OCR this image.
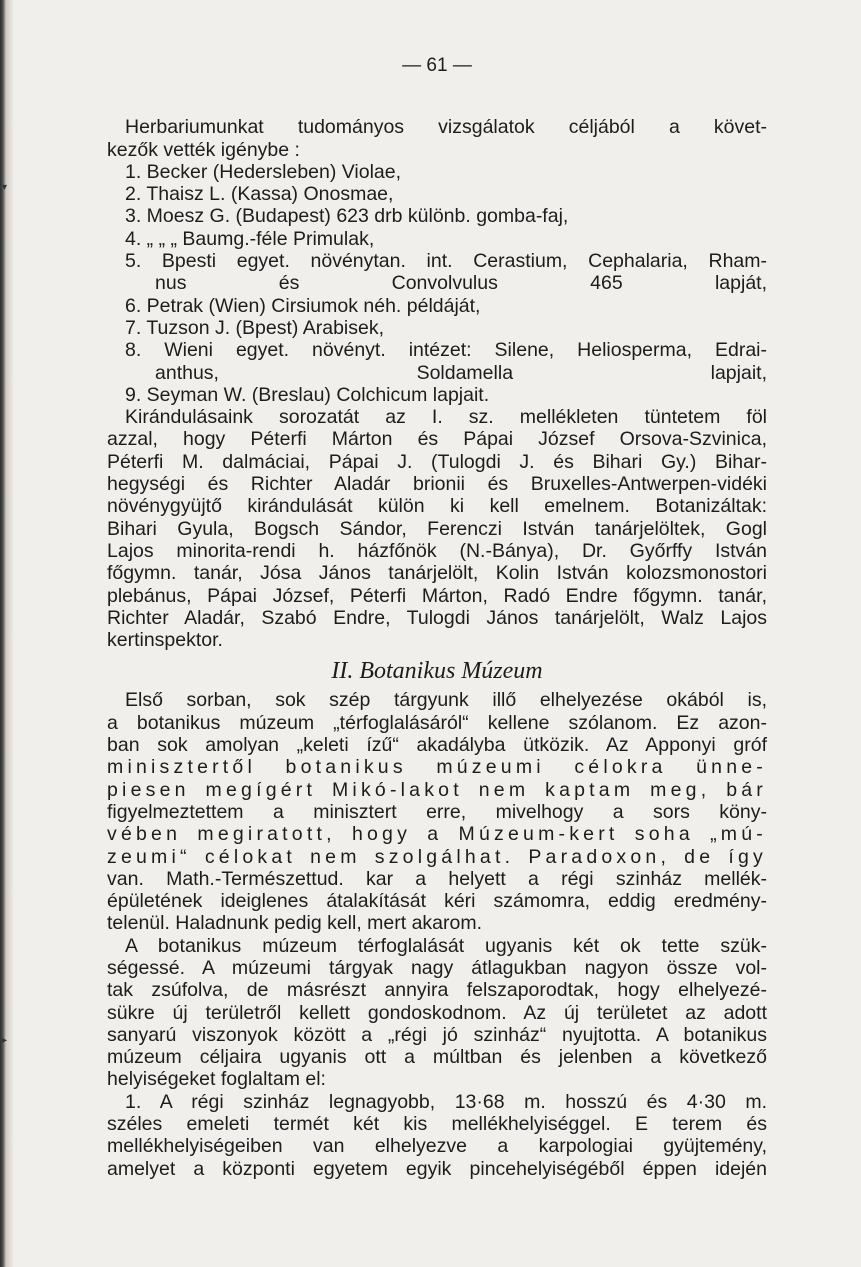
▾
▸
— 61 —
Herbariumunkat tudományos vizsgálatok céljából a követ-
kezők vették igénybe :
1. Becker (Hedersleben) Violae,
2. Thaisz L. (Kassa) Onosmae,
3. Moesz G. (Budapest) 623 drb különb. gomba-faj,
4. „ „ „ Baumg.-féle Primulak,
5. Bpesti egyet. növénytan. int. Cerastium, Cephalaria, Rham-
nus és Convolvulus 465 lapját,
6. Petrak (Wien) Cirsiumok néh. példáját,
7. Tuzson J. (Bpest) Arabisek,
8. Wieni egyet. növényt. intézet: Silene, Heliosperma, Edrai-
anthus, Soldamella lapjait,
9. Seyman W. (Breslau) Colchicum lapjait.
Kirándulásaink sorozatát az I. sz. mellékleten tüntetem föl
azzal, hogy Péterfi Márton és Pápai József Orsova-Szvinica,
Péterfi M. dalmáciai, Pápai J. (Tulogdi J. és Bihari Gy.) Bihar-
hegységi és Richter Aladár brionii és Bruxelles-Antwerpen-vidéki
növénygyüjtő kirándulását külön ki kell emelnem. Botanizáltak:
Bihari Gyula, Bogsch Sándor, Ferenczi István tanárjelöltek, Gogl
Lajos minorita-rendi h. házfőnök (N.-Bánya), Dr. Győrffy István
főgymn. tanár, Jósa János tanárjelölt, Kolin István kolozsmonostori
plebánus, Pápai József, Péterfi Márton, Radó Endre főgymn. tanár,
Richter Aladár, Szabó Endre, Tulogdi János tanárjelölt, Walz Lajos
kertinspektor.
II. Botanikus Múzeum
Első sorban, sok szép tárgyunk illő elhelyezése okából is,
a botanikus múzeum „térfoglalásáról“ kellene szólanom. Ez azon-
ban sok amolyan „keleti ízű“ akadályba ütközik. Az Apponyi gróf
minisztertől botanikus múzeumi célokra ünne-
piesen megígért Mikó-lakot nem kaptam meg, bár
figyelmeztettem a minisztert erre, mivelhogy a sors köny-
vében megiratott, hogy a Múzeum-kert soha „mú-
zeumi“ célokat nem szolgálhat. Paradoxon, de így
van. Math.-Természettud. kar a helyett a régi szinház mellék-
épületének ideiglenes átalakítását kéri számomra, eddig eredmény-
telenül. Haladnunk pedig kell, mert akarom.
A botanikus múzeum térfoglalását ugyanis két ok tette szük-
ségessé. A múzeumi tárgyak nagy átlagukban nagyon össze vol-
tak zsúfolva, de másrészt annyira felszaporodtak, hogy elhelyezé-
sükre új területről kellett gondoskodnom. Az új területet az adott
sanyarú viszonyok között a „régi jó szinház“ nyujtotta. A botanikus
múzeum céljaira ugyanis ott a múltban és jelenben a következő
helyiségeket foglaltam el:
1. A régi szinház legnagyobb, 13·68 m. hosszú és 4·30 m.
széles emeleti termét két kis mellékhelyiséggel. E terem és
mellékhelyiségeiben van elhelyezve a karpologiai gyüjtemény,
amelyet a központi egyetem egyik pincehelyiségéből éppen idején
